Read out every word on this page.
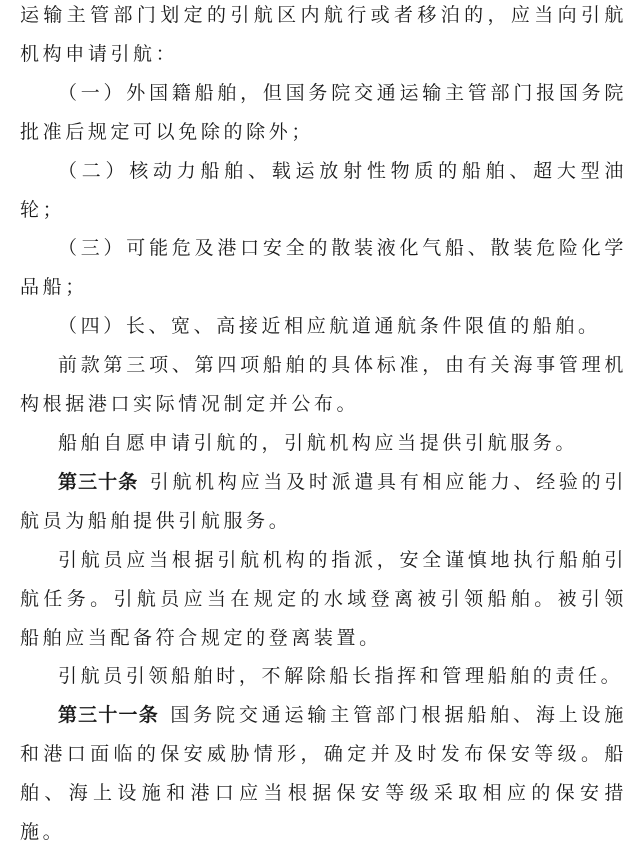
运输主管部门划定的引航区内航行或者移泊的，应当向引航机构申请引航：

（一）外国籍船舶，但国务院交通运输主管部门报国务院批准后规定可以免除的除外；

（二）核动力船舶、载运放射性物质的船舶、超大型油轮；

（三）可能危及港口安全的散装液化气船、散装危险化学品船；

（四）长、宽、高接近相应航道通航条件限值的船舶。

前款第三项、第四项船舶的具体标准，由有关海事管理机构根据港口实际情况制定并公布。

船舶自愿申请引航的，引航机构应当提供引航服务。

第三十条 引航机构应当及时派遣具有相应能力、经验的引航员为船舶提供引航服务。

引航员应当根据引航机构的指派，安全谨慎地执行船舶引航任务。引航员应当在规定的水域登离被引领船舶。被引领船舶应当配备符合规定的登离装置。

引航员引领船舶时，不解除船长指挥和管理船舶的责任。

第三十一条 国务院交通运输主管部门根据船舶、海上设施和港口面临的保安威胁情形，确定并及时发布保安等级。船舶、海上设施和港口应当根据保安等级采取相应的保安措施。
